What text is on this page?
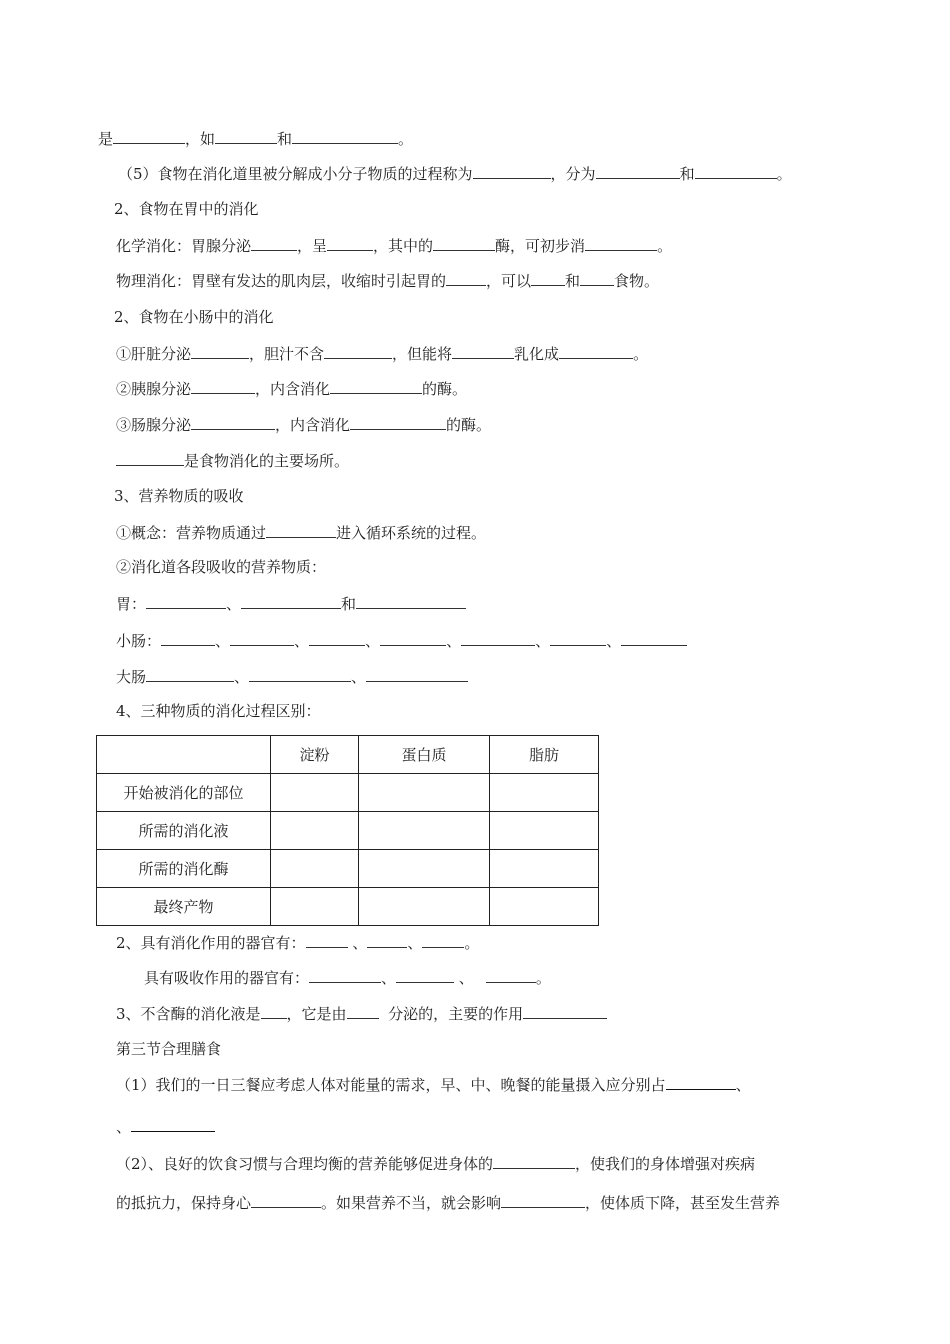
是	，如	和	。
（5）食物在消化道里被分解成小分子物质的过程称为	，分为	和	。
2、食物在胃中的消化
化学消化：胃腺分泌	，呈	，其中的	酶，可初步消	。
物理消化：胃壁有发达的肌肉层，收缩时引起胃的	，可以 和 食物。
2、食物在小肠中的消化
①肝脏分泌	，胆汁不含	，但能将	乳化成	。
②胰腺分泌	，内含消化	的酶。
③肠腺分泌	，内含消化	的酶。
是食物消化的主要场所。
3、营养物质的吸收
①概念：营养物质通过	进入循环系统的过程。
②消化道各段吸收的营养物质：
胃：	、	和
小肠：	、	、	、	、	、	、
大肠	、	、
4、三种物质的消化过程区别：
	淀粉	蛋白质	脂肪
开始被消化的部位			
所需的消化液			
所需的消化酶			
最终产物			
2、具有消化作用的器官有：	、	、	。
具有吸收作用的器官有：	、	、	。
3、不含酶的消化液是 ，它是由  分泌的，主要的作用
第三节合理膳食
（1）我们的一日三餐应考虑人体对能量的需求，早、中、晚餐的能量摄入应分别占	、
、
（2）、良好的饮食习惯与合理均衡的营养能够促进身体的	，使我们的身体增强对疾病
的抵抗力，保持身心	。如果营养不当，就会影响	，使体质下降，甚至发生营养
